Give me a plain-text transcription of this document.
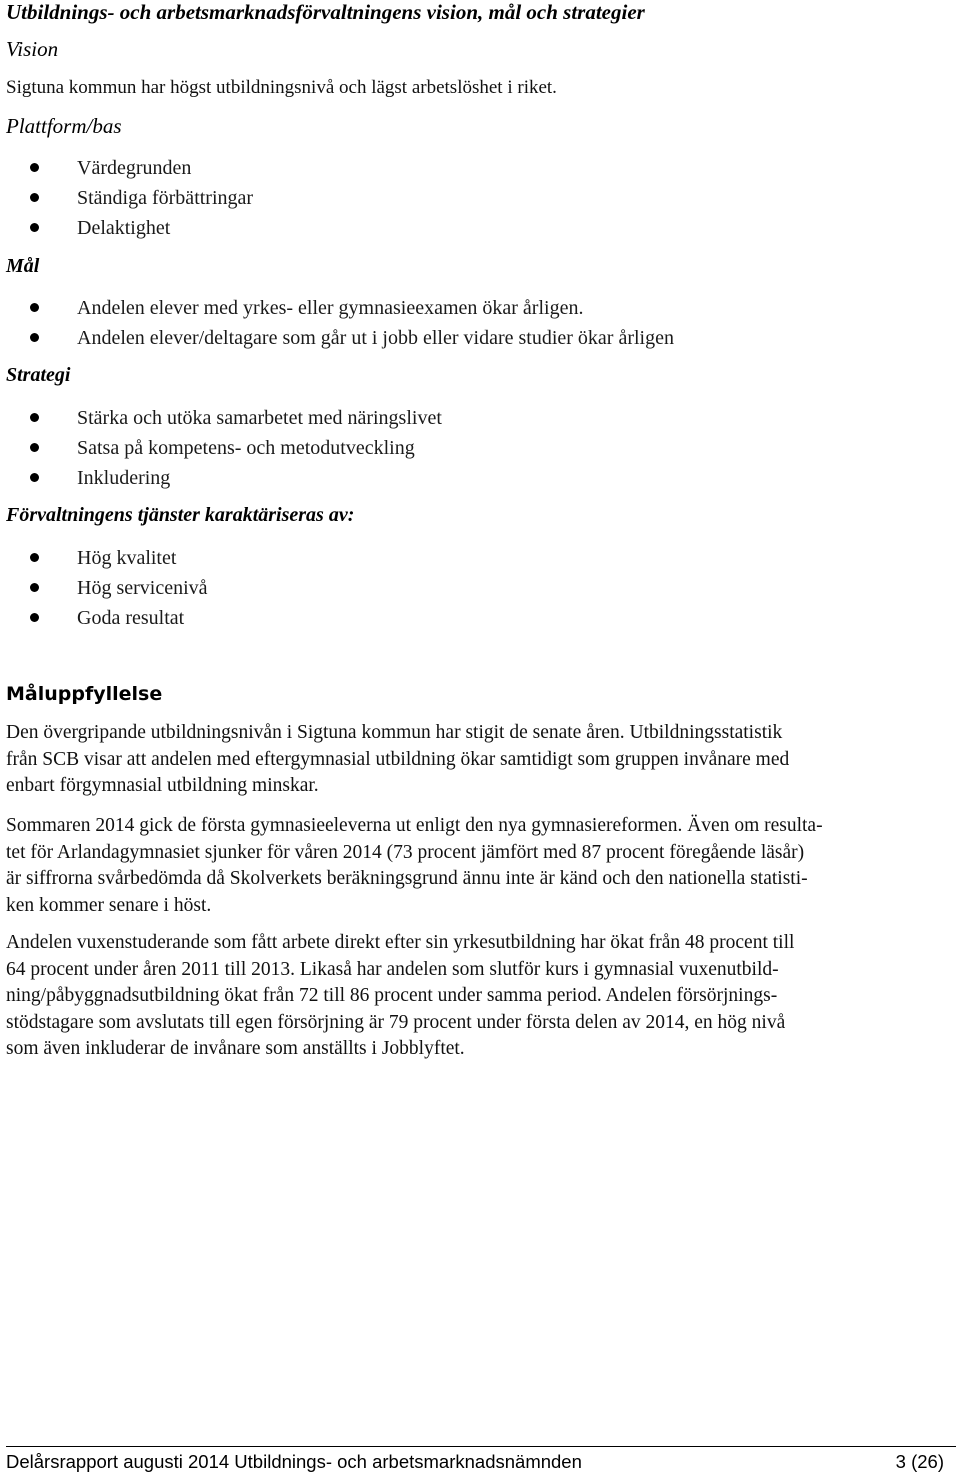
Utbildnings- och arbetsmarknadsförvaltningens vision, mål och strategier
Vision
Sigtuna kommun har högst utbildningsnivå och lägst arbetslöshet i riket.
Plattform/bas
Värdegrunden
Ständiga förbättringar
Delaktighet
Mål
Andelen elever med yrkes- eller gymnasieexamen ökar årligen.
Andelen elever/deltagare som går ut i jobb eller vidare studier ökar årligen
Strategi
Stärka och utöka samarbetet med näringslivet
Satsa på kompetens- och metodutveckling
Inkludering
Förvaltningens tjänster karaktäriseras av:
Hög kvalitet
Hög servicenivå
Goda resultat
Måluppfyllelse
Den övergripande utbildningsnivån i Sigtuna kommun har stigit de senate åren. Utbildningsstatistik
från SCB visar att andelen med eftergymnasial utbildning ökar samtidigt som gruppen invånare med
enbart förgymnasial utbildning minskar.
Sommaren 2014 gick de första gymnasieeleverna ut enligt den nya gymnasiereformen. Även om resulta-
tet för Arlandagymnasiet sjunker för våren 2014 (73 procent jämfört med 87 procent föregående läsår)
är siffrorna svårbedömda då Skolverkets beräkningsgrund ännu inte är känd och den nationella statisti-
ken kommer senare i höst.
Andelen vuxenstuderande som fått arbete direkt efter sin yrkesutbildning har ökat från 48 procent till
64 procent under åren 2011 till 2013. Likaså har andelen som slutför kurs i gymnasial vuxenutbild-
ning/påbyggnadsutbildning ökat från 72 till 86 procent under samma period. Andelen försörjnings-
stödstagare som avslutats till egen försörjning är 79 procent under första delen av 2014, en hög nivå
som även inkluderar de invånare som anställts i Jobblyftet.
Delårsrapport augusti 2014 Utbildnings- och arbetsmarknadsnämnden	3 (26)
